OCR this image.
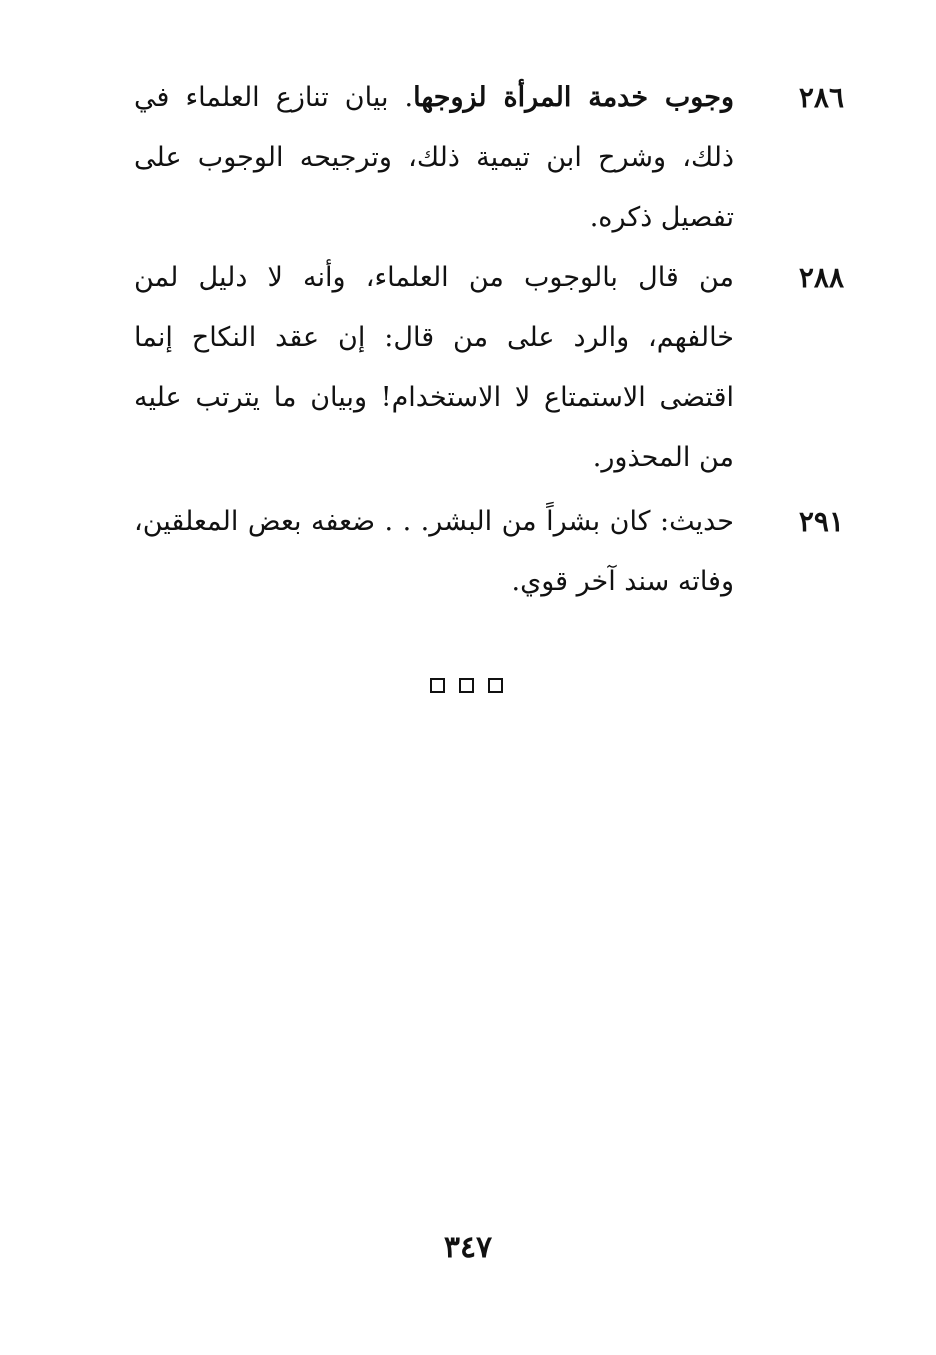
٢٨٦
وجوب خدمة المرأة لزوجها. بيان تنازع العلماء في ذلك، وشرح ابن تيمية ذلك، وترجيحه الوجوب على تفصيل ذكره.
٢٨٨
من قال بالوجوب من العلماء، وأنه لا دليل لمن خالفهم، والرد على من قال: إن عقد النكاح إنما اقتضى الاستمتاع لا الاستخدام! وبيان ما يترتب عليه من المحذور.
٢٩١
حديث: كان بشراً من البشر. . . ضعفه بعض المعلقين، وفاته سند آخر قوي.
٣٤٧
